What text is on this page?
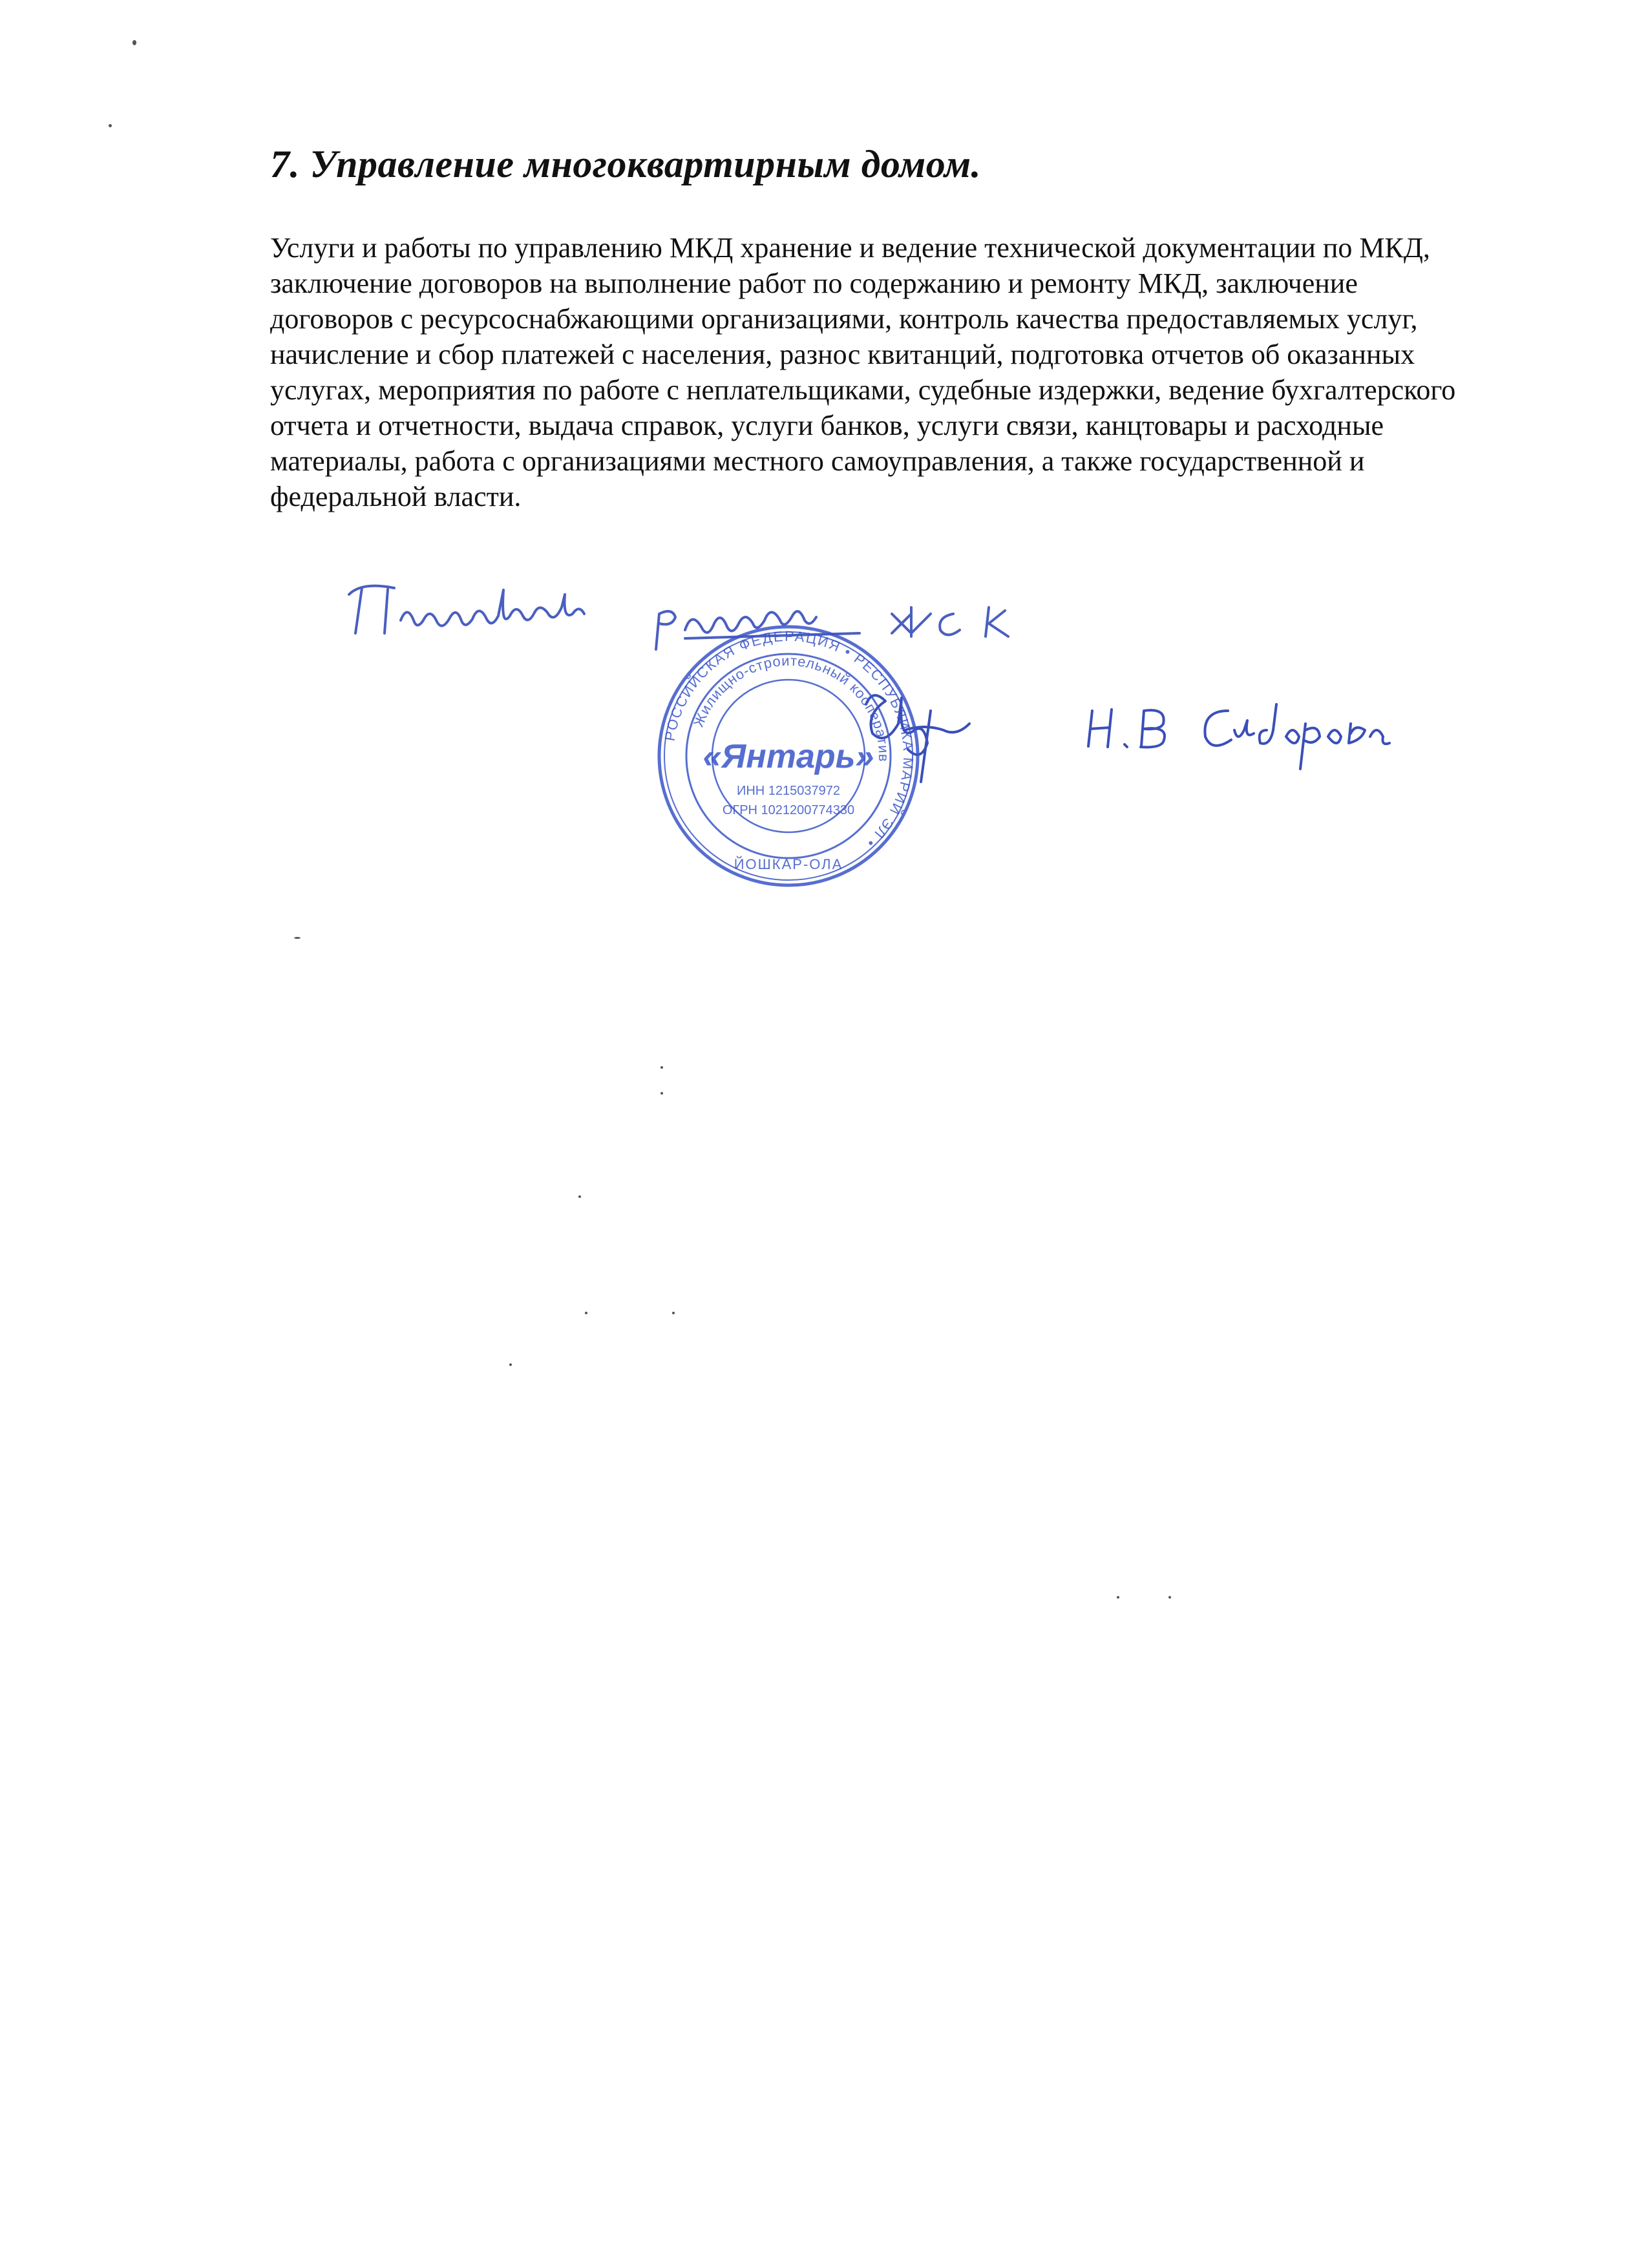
7. Управление многоквартирным домом.
Услуги и работы по управлению МКД хранение и ведение технической документации по МКД,
заключение договоров на выполнение работ по содержанию и ремонту МКД, заключение
договоров с ресурсоснабжающими организациями, контроль качества предоставляемых услуг,
начисление и сбор платежей с населения, разнос квитанций, подготовка отчетов об оказанных
услугах, мероприятия по работе с неплательщиками, судебные издержки, ведение бухгалтерского
отчета и отчетности, выдача справок, услуги банков, услуги связи, канцтовары и расходные
материалы, работа с организациями местного самоуправления, а также государственной и
федеральной власти.
РОССИЙСКАЯ ФЕДЕРАЦИЯ • РЕСПУБЛИКА МАРИЙ ЭЛ •
Жилищно-строительный кооператив
«Янтарь»
ИНН 1215037972
ОГРН 1021200774330
ЙОШКАР-ОЛА
